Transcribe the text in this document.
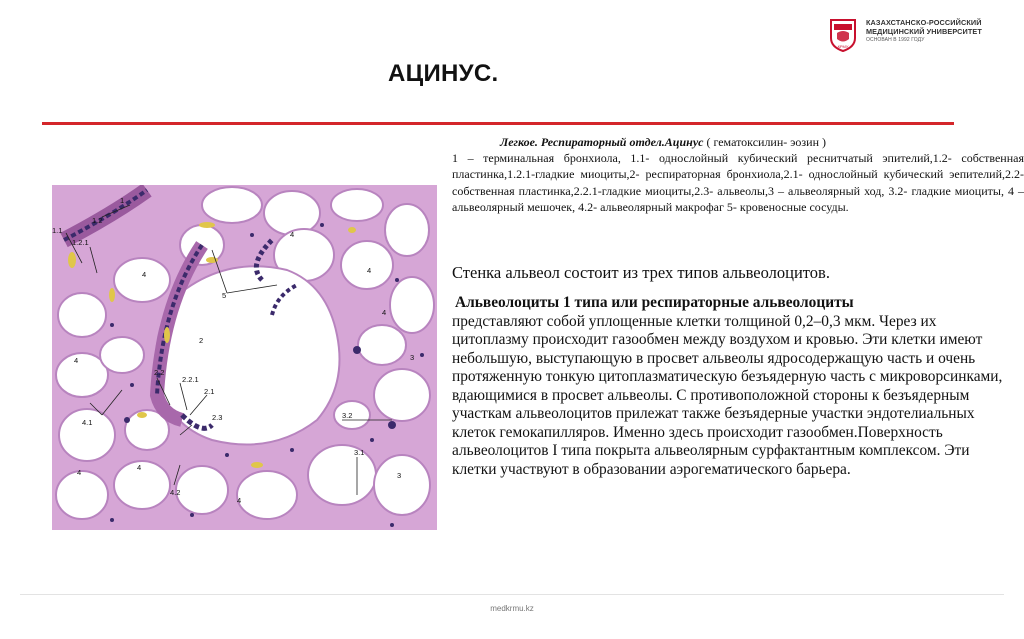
КРМУ
КАЗАХСТАНСКО-РОССИЙСКИЙ
МЕДИЦИНСКИЙ УНИВЕРСИТЕТ
ОСНОВАН В 1992 ГОДУ
АЦИНУС.
Легкое. Респираторный отдел.Ацинус ( гематоксилин- эозин )
1 – терминальная бронхиола, 1.1- однослойный кубический реснитчатый эпителий,1.2- собственная пластинка,1.2.1-гладкие миоциты,2- респираторная бронхиола,2.1- однослойный кубический эепителий,2.2- собственная пластинка,2.2.1-гладкие миоциты,2.3- альвеолы,3 – альвеолярный ход, 3.2- гладкие миоциты, 4 – альвеолярный мешочек, 4.2- альвеолярный макрофаг 5- кровеносные сосуды.
Стенка альвеол состоит из трех типов альвеолоцитов.
Альвеолоциты 1 типа или респираторные альвеолоциты
представляют собой уплощенные клетки толщиной 0,2–0,3 мкм. Через их цитоплазму происходит газообмен между воздухом и кровью. Эти клетки имеют небольшую, выступающую в просвет альвеолы ядросодержащую часть и очень протяженную тонкую цитоплазматическую безъядерную часть с микроворсинками, вдающимися в просвет альвеолы. С противоположной стороны к безъядерным участкам альвеолоцитов прилежат также безъядерные участки эндотелиальных клеток гемокапилляров. Именно здесь происходит газообмен.Поверхность альвеолоцитов I типа покрыта альвеолярным сурфактантным комплексом. Эти клетки участвуют в образовании аэрогематического барьера.
1.1
1.2
1.2.1
2
2.2
2.2.1
2.1
2.3
3
3.2
3.1
3
4
4
4
4
4
4
4
4.1
4.2
5
4
1
medkrmu.kz
